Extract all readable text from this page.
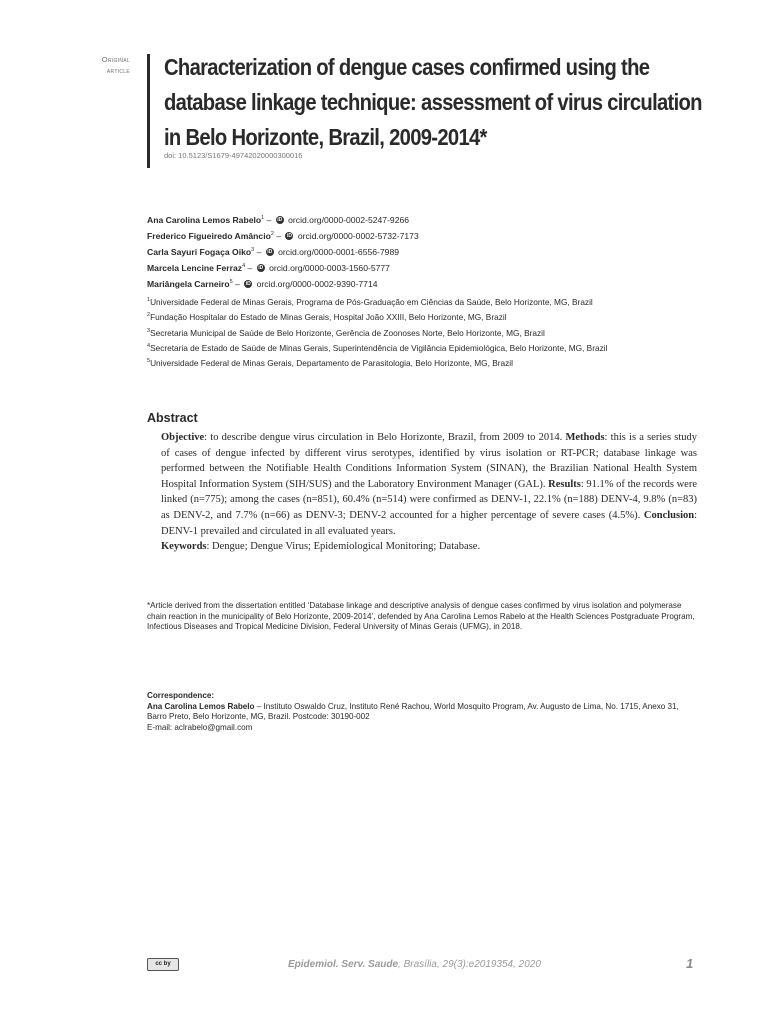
Original
article Characterization of dengue cases confirmed using the database linkage technique: assessment of virus circulation in Belo Horizonte, Brazil, 2009-2014*
doi: 10.5123/S1679-49742020000300016
Ana Carolina Lemos Rabelo$^1$ – iD orcid.org/0000-0002-5247-9266
Frederico Figueiredo Amâncio$^2$ – iD orcid.org/0000-0002-5732-7173
Carla Sayuri Fogaça Oiko$^3$ – iD orcid.org/0000-0001-6556-7989
Marcela Lencine Ferraz$^4$ – iD orcid.org/0000-0003-1560-5777
Mariângela Carneiro$^5$ – iD orcid.org/0000-0002-9390-7714
$^1$Universidade Federal de Minas Gerais, Programa de Pós-Graduação em Ciências da Saúde, Belo Horizonte, MG, Brazil
$^2$Fundação Hospitalar do Estado de Minas Gerais, Hospital João XXIII, Belo Horizonte, MG, Brazil
$^3$Secretaria Municipal de Saúde de Belo Horizonte, Gerência de Zoonoses Norte, Belo Horizonte, MG, Brazil
$^4$Secretaria de Estado de Saúde de Minas Gerais, Superintendência de Vigilância Epidemiológica, Belo Horizonte, MG, Brazil
$^5$Universidade Federal de Minas Gerais, Departamento de Parasitologia, Belo Horizonte, MG, Brazil
Abstract

Objective: to describe dengue virus circulation in Belo Horizonte, Brazil, from 2009 to 2014. Methods: this is a series study of cases of dengue infected by different virus serotypes, identified by virus isolation or RT-PCR; database linkage was performed between the Notifiable Health Conditions Information System (SINAN), the Brazilian National Health System Hospital Information System (SIH/SUS) and the Laboratory Environment Manager (GAL). Results: 91.1% of the records were linked (n=775); among the cases (n=851), 60.4% (n=514) were confirmed as DENV-1, 22.1% (n=188) DENV-4, 9.8% (n=83) as DENV-2, and 7.7% (n=66) as DENV-3; DENV-2 accounted for a higher percentage of severe cases (4.5%). Conclusion: DENV-1 prevailed and circulated in all evaluated years.

Keywords: Dengue; Dengue Virus; Epidemiological Monitoring; Database.

*Article derived from the dissertation entitled ‘Database linkage and descriptive analysis of dengue cases confirmed by virus isolation and polymerase chain reaction in the municipality of Belo Horizonte, 2009-2014’, defended by Ana Carolina Lemos Rabelo at the Health Sciences Postgraduate Program, Infectious Diseases and Tropical Medicine Division, Federal University of Minas Gerais (UFMG), in 2018.
Correspondence:
Ana Carolina Lemos Rabelo – Instituto Oswaldo Cruz, Instituto René Rachou, World Mosquito Program, Av. Augusto de Lima, No. 1715, Anexo 31, Barro Preto, Belo Horizonte, MG, Brazil. Postcode: 30190-002
E-mail: aclrabelo@gmail.com
cc by	Epidemiol. Serv. Saude, Brasília, 29(3):e2019354, 2020	1
